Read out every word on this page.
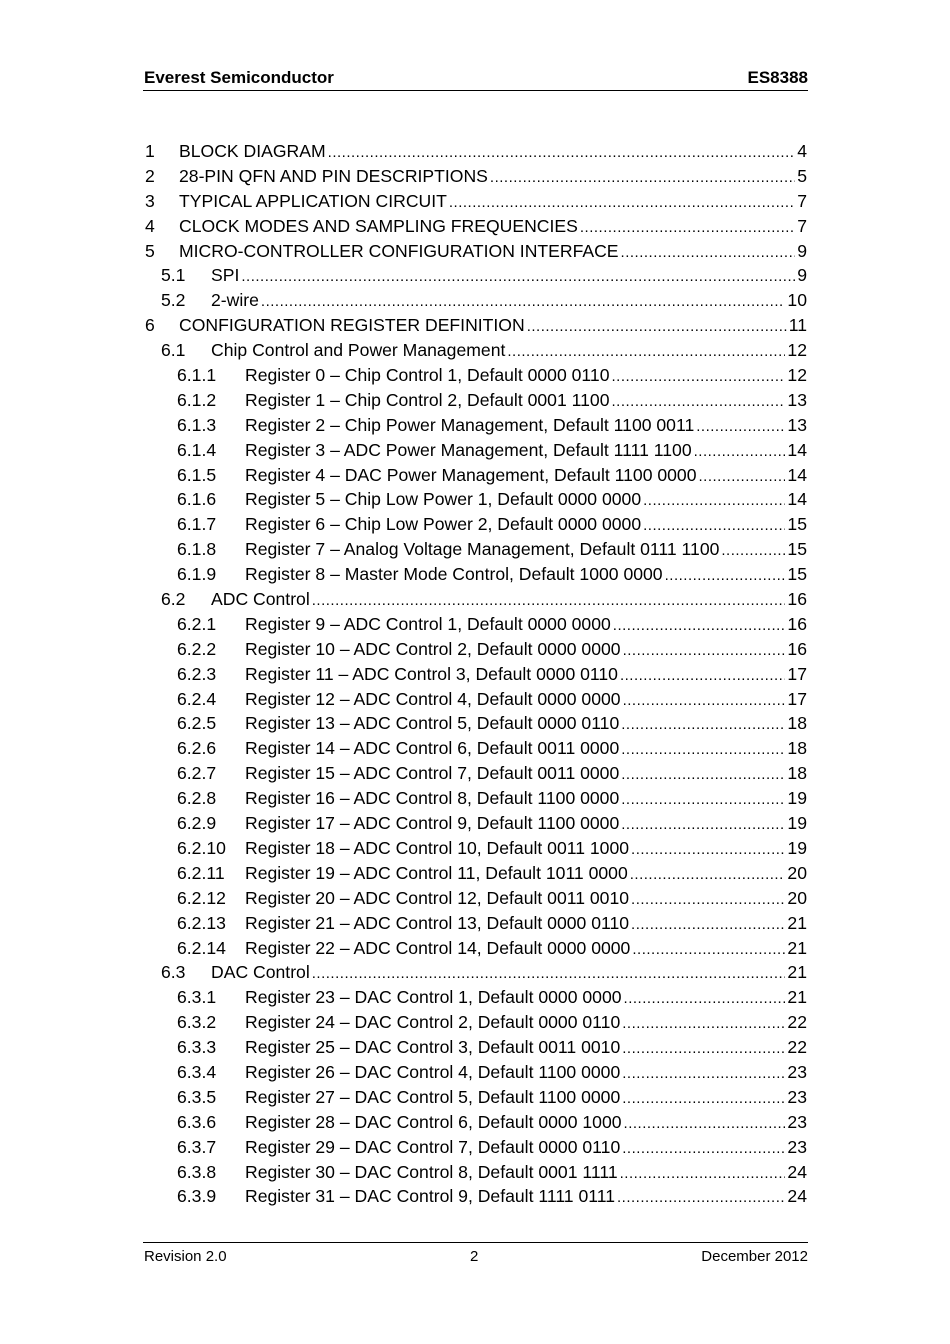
Everest Semiconductor	ES8388
1	BLOCK DIAGRAM .....	4
2	28-PIN QFN AND PIN DESCRIPTIONS .....	5
3	TYPICAL APPLICATION CIRCUIT .....	7
4	CLOCK MODES AND SAMPLING FREQUENCIES .....	7
5	MICRO-CONTROLLER CONFIGURATION INTERFACE .....	9
5.1	SPI .....	9
5.2	2-wire .....	10
6	CONFIGURATION REGISTER DEFINITION .....	11
6.1	Chip Control and Power Management .....	12
6.1.1	Register 0 – Chip Control 1, Default 0000 0110 .....	12
6.1.2	Register 1 – Chip Control 2, Default 0001 1100 .....	13
6.1.3	Register 2 – Chip Power Management, Default 1100 0011 .....	13
6.1.4	Register 3 – ADC Power Management, Default 1111 1100 .....	14
6.1.5	Register 4 – DAC Power Management, Default 1100 0000 .....	14
6.1.6	Register 5 – Chip Low Power 1, Default 0000 0000 .....	14
6.1.7	Register 6 – Chip Low Power 2, Default 0000 0000 .....	15
6.1.8	Register 7 – Analog Voltage Management, Default 0111 1100 .....	15
6.1.9	Register 8 – Master Mode Control, Default 1000 0000 .....	15
6.2	ADC Control .....	16
6.2.1	Register 9 – ADC Control 1, Default 0000 0000 .....	16
6.2.2	Register 10 – ADC Control 2, Default 0000 0000 .....	16
6.2.3	Register 11 – ADC Control 3, Default 0000 0110 .....	17
6.2.4	Register 12 – ADC Control 4, Default 0000 0000 .....	17
6.2.5	Register 13 – ADC Control 5, Default 0000 0110 .....	18
6.2.6	Register 14 – ADC Control 6, Default 0011 0000 .....	18
6.2.7	Register 15 – ADC Control 7, Default 0011 0000 .....	18
6.2.8	Register 16 – ADC Control 8, Default 1100 0000 .....	19
6.2.9	Register 17 – ADC Control 9, Default 1100 0000 .....	19
6.2.10	Register 18 – ADC Control 10, Default 0011 1000 .....	19
6.2.11	Register 19 – ADC Control 11, Default 1011 0000 .....	20
6.2.12	Register 20 – ADC Control 12, Default 0011 0010 .....	20
6.2.13	Register 21 – ADC Control 13, Default 0000 0110 .....	21
6.2.14	Register 22 – ADC Control 14, Default 0000 0000 .....	21
6.3	DAC Control .....	21
6.3.1	Register 23 – DAC Control 1, Default 0000 0000 .....	21
6.3.2	Register 24 – DAC Control 2, Default 0000 0110 .....	22
6.3.3	Register 25 – DAC Control 3, Default 0011 0010 .....	22
6.3.4	Register 26 – DAC Control 4, Default 1100 0000 .....	23
6.3.5	Register 27 – DAC Control 5, Default 1100 0000 .....	23
6.3.6	Register 28 – DAC Control 6, Default 0000 1000 .....	23
6.3.7	Register 29 – DAC Control 7, Default 0000 0110 .....	23
6.3.8	Register 30 – DAC Control 8, Default 0001 1111 .....	24
6.3.9	Register 31 – DAC Control 9, Default 1111 0111 .....	24
Revision 2.0	2	December 2012
